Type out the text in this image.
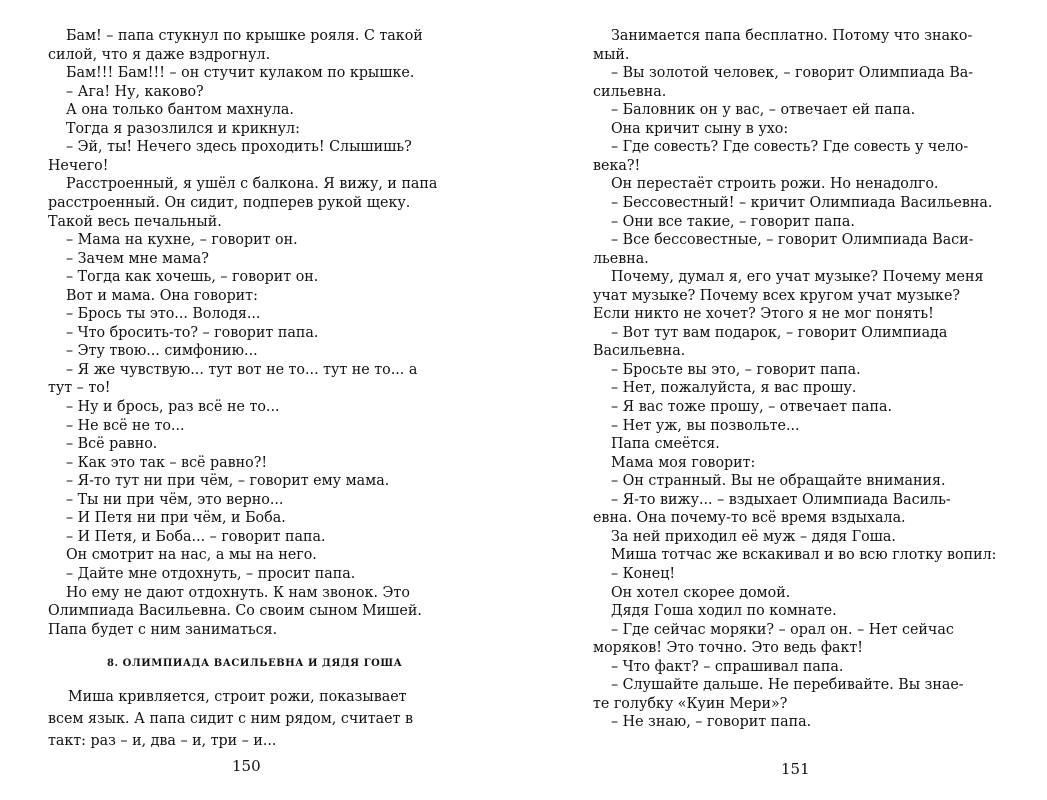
Бам! – папа стукнул по крышке рояля. С такой
силой, что я даже вздрогнул.
Бам!!! Бам!!! – он стучит кулаком по крышке.
– Ага! Ну, каково?
А она только бантом махнула.
Тогда я разозлился и крикнул:
– Эй, ты! Нечего здесь проходить! Слышишь?
Нечего!
Расстроенный, я ушёл с балкона. Я вижу, и папа
расстроенный. Он сидит, подперев рукой щеку.
Такой весь печальный.
– Мама на кухне, – говорит он.
– Зачем мне мама?
– Тогда как хочешь, – говорит он.
Вот и мама. Она говорит:
– Брось ты это... Володя...
– Что бросить-то? – говорит папа.
– Эту твою... симфонию...
– Я же чувствую... тут вот не то... тут не то... а
тут – то!
– Ну и брось, раз всё не то...
– Не всё не то...
– Всё равно.
– Как это так – всё равно?!
– Я-то тут ни при чём, – говорит ему мама.
– Ты ни при чём, это верно...
– И Петя ни при чём, и Боба.
– И Петя, и Боба... – говорит папа.
Он смотрит на нас, а мы на него.
– Дайте мне отдохнуть, – просит папа.
Но ему не дают отдохнуть. К нам звонок. Это
Олимпиада Васильевна. Со своим сыном Мишей.
Папа будет с ним заниматься.
8. ОЛИМПИАДА ВАСИЛЬЕВНА И ДЯДЯ ГОША
Миша кривляется, строит рожи, показывает
всем язык. А папа сидит с ним рядом, считает в
такт: раз – и, два – и, три – и...
150
Занимается папа бесплатно. Потому что знако-
мый.
– Вы золотой человек, – говорит Олимпиада Ва-
сильевна.
– Баловник он у вас, – отвечает ей папа.
Она кричит сыну в ухо:
– Где совесть? Где совесть? Где совесть у чело-
века?!
Он перестаёт строить рожи. Но ненадолго.
– Бессовестный! – кричит Олимпиада Васильевна.
– Они все такие, – говорит папа.
– Все бессовестные, – говорит Олимпиада Васи-
льевна.
Почему, думал я, его учат музыке? Почему меня
учат музыке? Почему всех кругом учат музыке?
Если никто не хочет? Этого я не мог понять!
– Вот тут вам подарок, – говорит Олимпиада
Васильевна.
– Бросьте вы это, – говорит папа.
– Нет, пожалуйста, я вас прошу.
– Я вас тоже прошу, – отвечает папа.
– Нет уж, вы позвольте...
Папа смеётся.
Мама моя говорит:
– Он странный. Вы не обращайте внимания.
– Я-то вижу... – вздыхает Олимпиада Василь-
евна. Она почему-то всё время вздыхала.
За ней приходил её муж – дядя Гоша.
Миша тотчас же вскакивал и во всю глотку вопил:
– Конец!
Он хотел скорее домой.
Дядя Гоша ходил по комнате.
– Где сейчас моряки? – орал он. – Нет сейчас
моряков! Это точно. Это ведь факт!
– Что факт? – спрашивал папа.
– Слушайте дальше. Не перебивайте. Вы знае-
те голубку «Куин Мери»?
– Не знаю, – говорит папа.
151
